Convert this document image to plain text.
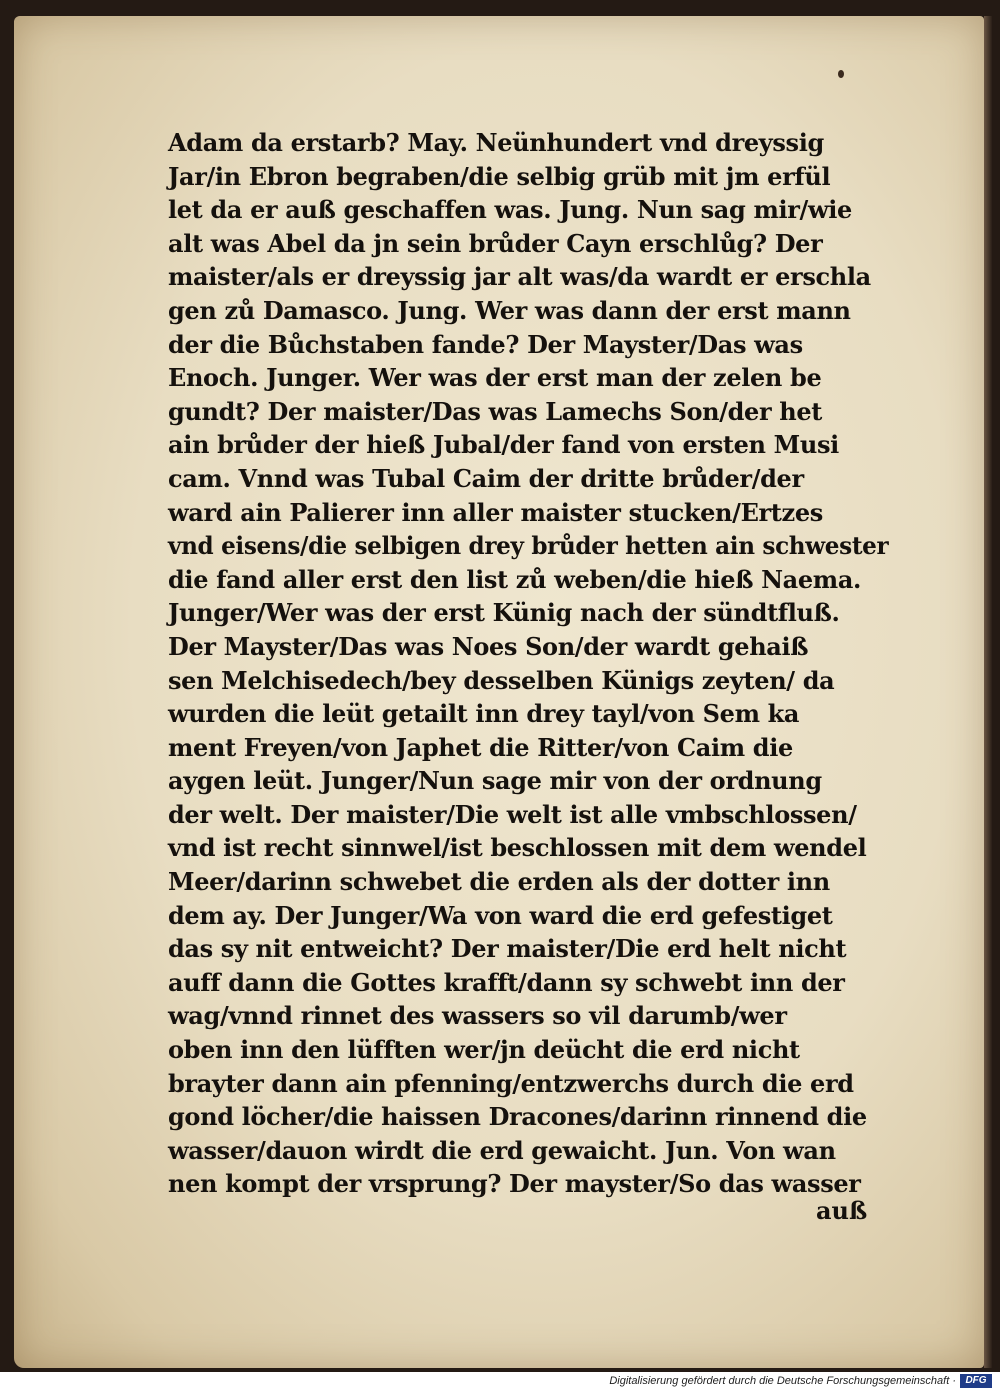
Adam da erstarb? May. Neünhundert vnd dreyssig
Jar/in Ebron begraben/die selbig grüb mit jm erfül
let da er auß geschaffen was. Jung. Nun sag mir/wie
alt was Abel da jn sein brůder Cayn erschlůg? Der
maister/als er dreyssig jar alt was/da wardt er erschla
gen zů Damasco. Jung. Wer was dann der erst mann
der die Bůchstaben fande? Der Mayster/Das was
Enoch. Junger. Wer was der erst man der zelen be
gundt? Der maister/Das was Lamechs Son/der het
ain brůder der hieß Jubal/der fand von ersten Musi
cam. Vnnd was Tubal Caim der dritte brůder/der
ward ain Palierer inn aller maister stucken/Ertzes
vnd eisens/die selbigen drey brůder hetten ain schwester
die fand aller erst den list zů weben/die hieß Naema.
Junger/Wer was der erst Künig nach der sündtfluß.
Der Mayster/Das was Noes Son/der wardt gehaiß
sen Melchisedech/bey desselben Künigs zeyten/ da
wurden die leüt getailt inn drey tayl/von Sem ka
ment Freyen/von Japhet die Ritter/von Caim die
aygen leüt. Junger/Nun sage mir von der ordnung
der welt. Der maister/Die welt ist alle vmbschlossen/
vnd ist recht sinnwel/ist beschlossen mit dem wendel
Meer/darinn schwebet die erden als der dotter inn
dem ay. Der Junger/Wa von ward die erd gefestiget
das sy nit entweicht? Der maister/Die erd helt nicht
auff dann die Gottes krafft/dann sy schwebt inn der
wag/vnnd rinnet des wassers so vil darumb/wer
oben inn den lüfften wer/jn deücht die erd nicht
brayter dann ain pfenning/entzwerchs durch die erd
gond löcher/die haissen Dracones/darinn rinnend die
wasser/dauon wirdt die erd gewaicht. Jun. Von wan
nen kompt der vrsprung? Der mayster/So das wasser
auß
Digitalisierung gefördert durch die Deutsche Forschungsgemeinschaft · DFG
